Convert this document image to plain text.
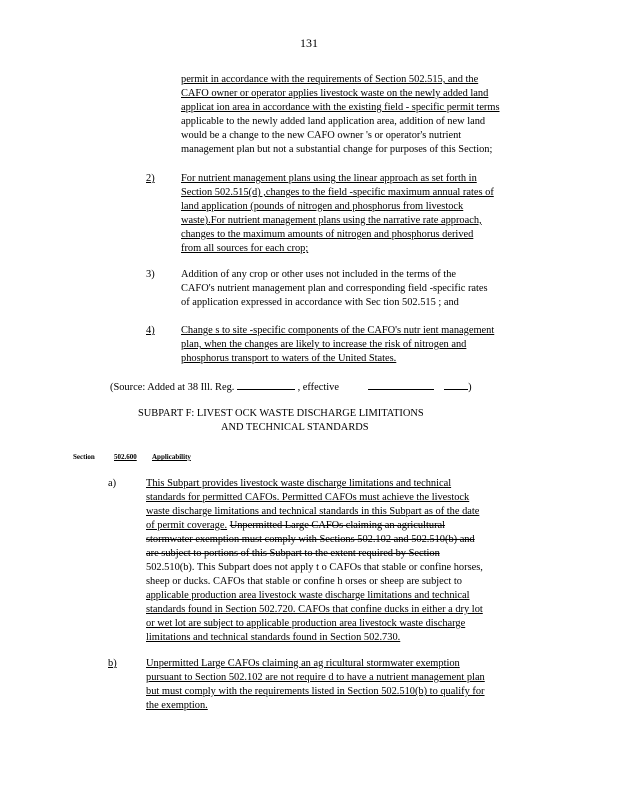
131
permit in accordance with the requirements of Section 502.515, and the
CAFO owner or operator applies livestock waste on the newly added land
applicat ion area in accordance with the existing field - specific permit terms
applicable to the newly added land application area, addition of new land
would be a change to the new CAFO owner 's or operator's nutrient
management plan but not a substantial change for purposes of this Section;
2)	For nutrient management plans using the linear approach as set forth in
Section 502.515(d) ,changes to the field -specific maximum annual rates of
land application (pounds of nitrogen and phosphorus from livestock
waste).For nutrient management plans using the narrative rate approach,
changes to the maximum amounts of nitrogen and phosphorus derived
from all sources for each crop;
3)	Addition of any crop or other uses not included in the terms of the
CAFO's nutrient management plan and corresponding field -specific rates
of application expressed in accordance with Sec tion 502.515 ; and
4)	Change s to site -specific components of the CAFO's nutr ient management
plan, when the changes are likely to increase the risk of nitrogen and
phosphorus transport to waters of the United States.
(Source: Added at 38 Ill. Reg.	, effective	)
SUBPART F: LIVEST OCK WASTE DISCHARGE LIMITATIONS
AND TECHNICAL STANDARDS
Section	502.600 Applicability
a)	This Subpart provides livestock waste discharge limitations and technical
standards for permitted CAFOs. Permitted CAFOs must achieve the livestock
waste discharge limitations and technical standards in this Subpart as of the date
of permit coverage. Unpermitted Large CAFOs claiming an agricultural
stormwater exemption must comply with Sections 502.102 and 502.510(b) and
are subject to portions of this Subpart to the extent required by Section
502.510(b). This Subpart does not apply t o CAFOs that stable or confine horses,
sheep or ducks. CAFOs that stable or confine h orses or sheep are subject to
applicable production area livestock waste discharge limitations and technical
standards found in Section 502.720. CAFOs that confine ducks in either a dry lot
or wet lot are subject to applicable production area livestock waste discharge
limitations and technical standards found in Section 502.730.
b)	Unpermitted Large CAFOs claiming an ag ricultural stormwater exemption
pursuant to Section 502.102 are not require d to have a nutrient management plan
but must comply with the requirements listed in Section 502.510(b) to qualify for
the exemption.
